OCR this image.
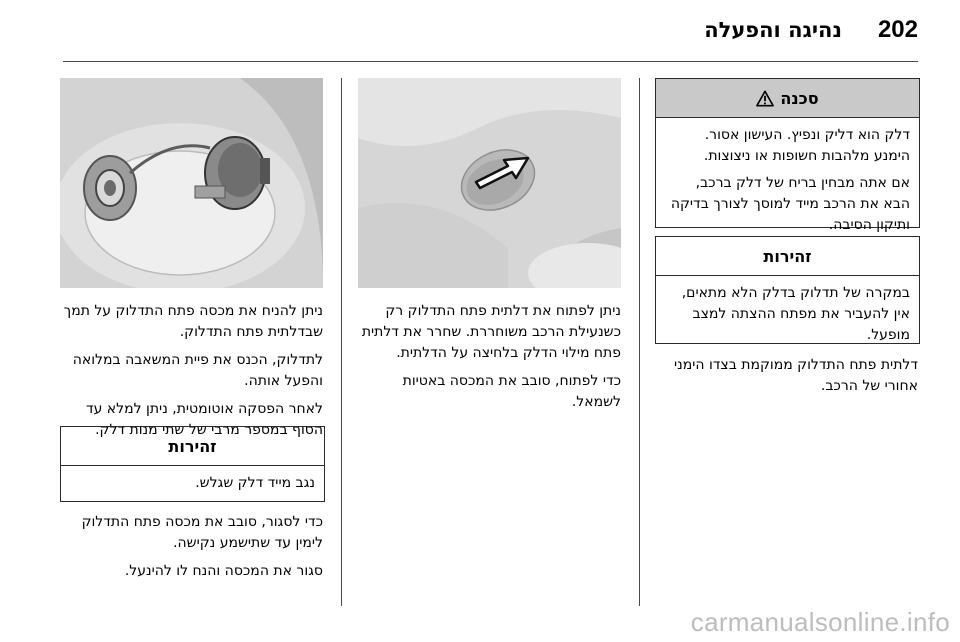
202
נהיגה והפעלה
סכנה

דלק הוא דליק ונפיץ. העישון אסור. הימנע מלהבות חשופות או ניצוצות.

אם אתה מבחין בריח של דלק ברכב, הבא את הרכב מייד למוסך לצורך בדיקה ותיקון הסיבה.

זהירות

במקרה של תדלוק בדלק הלא מתאים, אין להעביר את מפתח ההצתה למצב מופעל.

דלתית פתח התדלוק ממוקמת בצדו הימני אחורי של הרכב.

ניתן לפתוח את דלתית פתח התדלוק רק כשנעילת הרכב משוחררת. שחרר את דלתית פתח מילוי הדלק בלחיצה על הדלתית.

כדי לפתוח, סובב את המכסה באטיות לשמאל.

ניתן להניח את מכסה פתח התדלוק על תמך שבדלתית פתח התדלוק.

לתדלוק, הכנס את פיית המשאבה במלואה והפעל אותה.

לאחר הפסקה אוטומטית, ניתן למלא עד הסוף במספר מרבי של שתי מנות דלק.

זהירות

נגב מייד דלק שגלש.

כדי לסגור, סובב את מכסה פתח התדלוק לימין עד שתישמע נקישה.

סגור את המכסה והנח לו להינעל.

carmanualsonline.info
